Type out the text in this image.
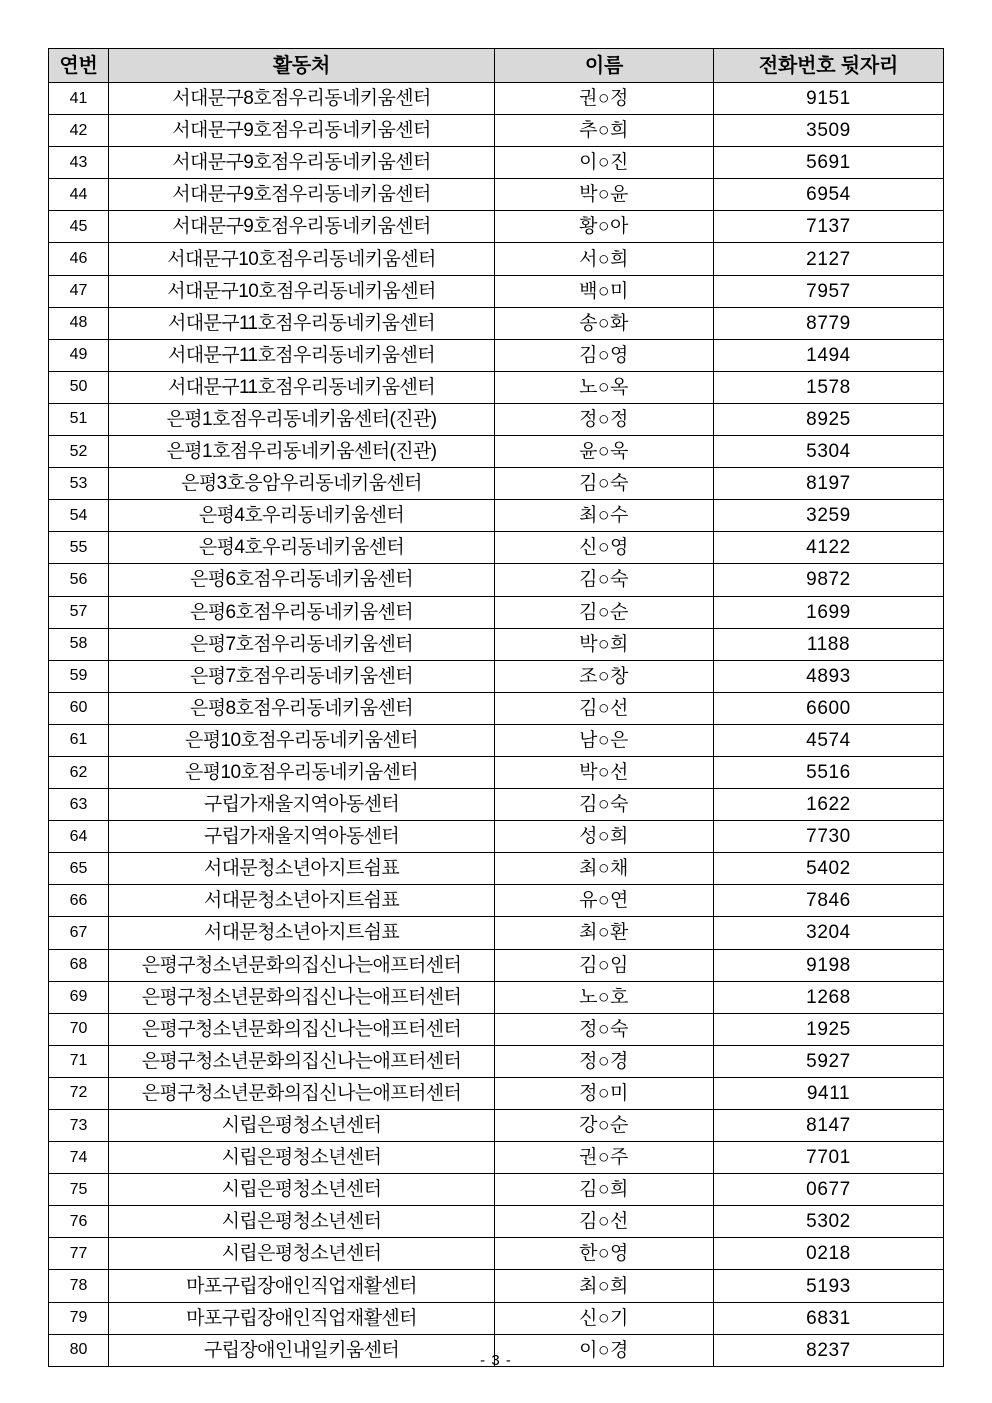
연번	활동처	이름	전화번호 뒷자리
41	서대문구8호점우리동네키움센터	권○정	9151
42	서대문구9호점우리동네키움센터	추○희	3509
43	서대문구9호점우리동네키움센터	이○진	5691
44	서대문구9호점우리동네키움센터	박○윤	6954
45	서대문구9호점우리동네키움센터	황○아	7137
46	서대문구10호점우리동네키움센터	서○희	2127
47	서대문구10호점우리동네키움센터	백○미	7957
48	서대문구11호점우리동네키움센터	송○화	8779
49	서대문구11호점우리동네키움센터	김○영	1494
50	서대문구11호점우리동네키움센터	노○옥	1578
51	은평1호점우리동네키움센터(진관)	정○정	8925
52	은평1호점우리동네키움센터(진관)	윤○욱	5304
53	은평3호응암우리동네키움센터	김○숙	8197
54	은평4호우리동네키움센터	최○수	3259
55	은평4호우리동네키움센터	신○영	4122
56	은평6호점우리동네키움센터	김○숙	9872
57	은평6호점우리동네키움센터	김○순	1699
58	은평7호점우리동네키움센터	박○희	1188
59	은평7호점우리동네키움센터	조○창	4893
60	은평8호점우리동네키움센터	김○선	6600
61	은평10호점우리동네키움센터	남○은	4574
62	은평10호점우리동네키움센터	박○선	5516
63	구립가재울지역아동센터	김○숙	1622
64	구립가재울지역아동센터	성○희	7730
65	서대문청소년아지트쉼표	최○채	5402
66	서대문청소년아지트쉼표	유○연	7846
67	서대문청소년아지트쉼표	최○환	3204
68	은평구청소년문화의집신나는애프터센터	김○임	9198
69	은평구청소년문화의집신나는애프터센터	노○호	1268
70	은평구청소년문화의집신나는애프터센터	정○숙	1925
71	은평구청소년문화의집신나는애프터센터	정○경	5927
72	은평구청소년문화의집신나는애프터센터	정○미	9411
73	시립은평청소년센터	강○순	8147
74	시립은평청소년센터	권○주	7701
75	시립은평청소년센터	김○희	0677
76	시립은평청소년센터	김○선	5302
77	시립은평청소년센터	한○영	0218
78	마포구립장애인직업재활센터	최○희	5193
79	마포구립장애인직업재활센터	신○기	6831
80	구립장애인내일키움센터	이○경	8237
- 3 -
